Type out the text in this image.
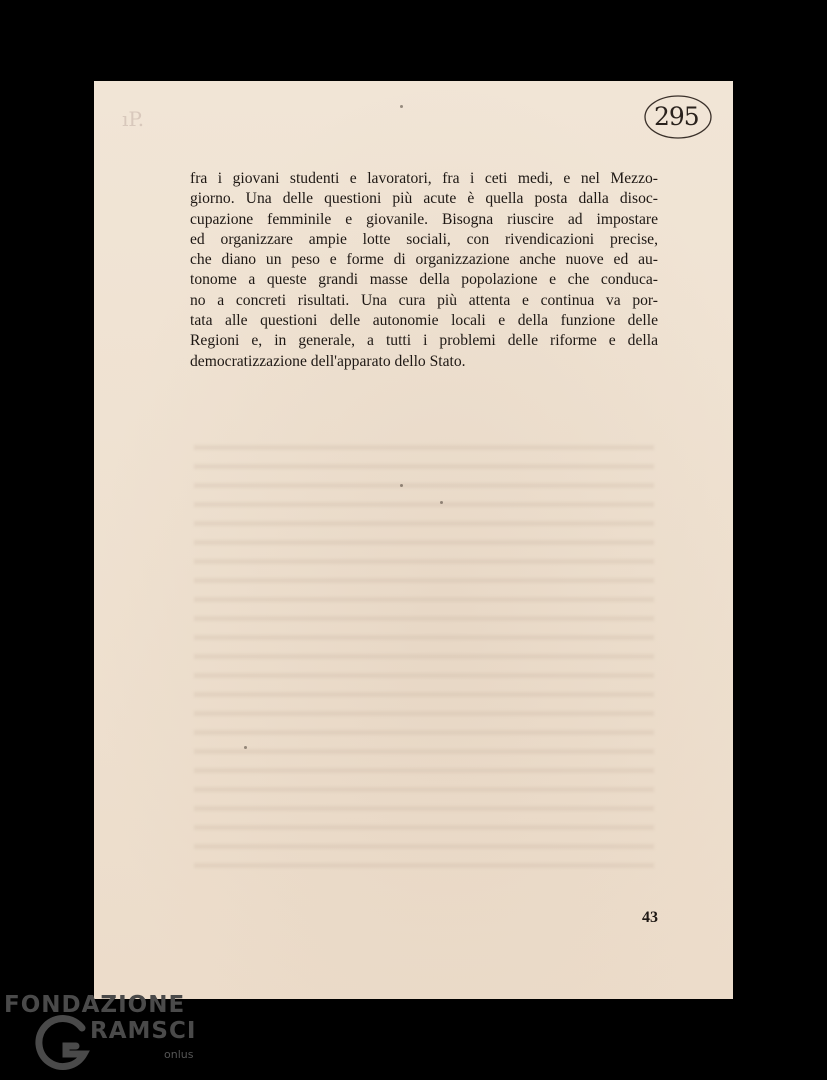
ıP.	295
fra i giovani studenti e lavoratori, fra i ceti medi, e nel Mezzo-
giorno. Una delle questioni più acute è quella posta dalla disoc-
cupazione femminile e giovanile. Bisogna riuscire ad impostare
ed organizzare ampie lotte sociali, con rivendicazioni precise,
che diano un peso e forme di organizzazione anche nuove ed au-
tonome a queste grandi masse della popolazione e che conduca-
no a concreti risultati. Una cura più attenta e continua va por-
tata alle questioni delle autonomie locali e della funzione delle
Regioni e, in generale, a tutti i problemi delle riforme e della
democratizzazione dell'apparato dello Stato.
43
FONDAZIONE
RAMSCI
onlus
